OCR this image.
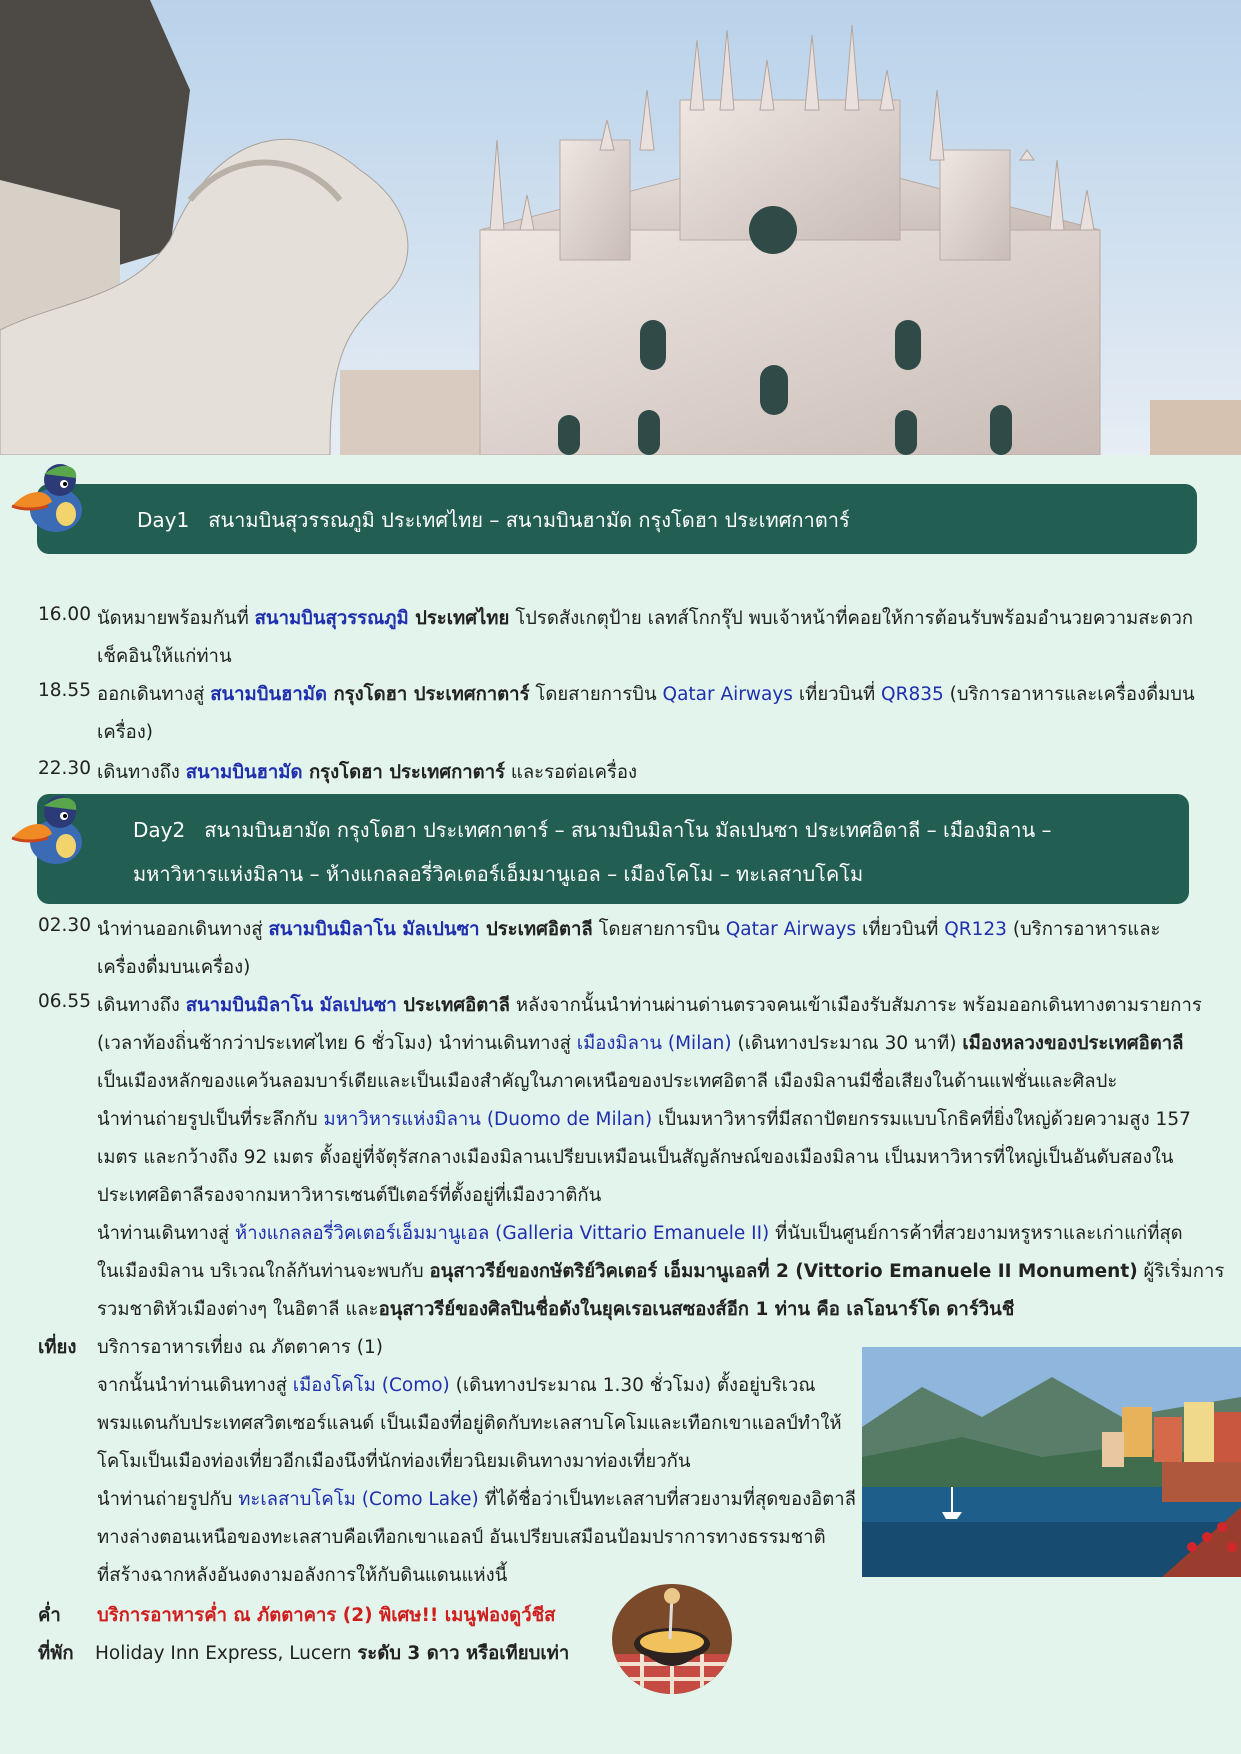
Day1 สนามบินสุวรรณภูมิ ประเทศไทย – สนามบินฮามัด กรุงโดฮา ประเทศกาตาร์
16.00 นัดหมายพร้อมกันที่ สนามบินสุวรรณภูมิ ประเทศไทย โปรดสังเกตุป้าย เลทส์โกกรุ๊ป พบเจ้าหน้าที่คอยให้การต้อนรับพร้อมอำนวยความสะดวก
เช็คอินให้แก่ท่าน
18.55 ออกเดินทางสู่ สนามบินฮามัด กรุงโดฮา ประเทศกาตาร์ โดยสายการบิน Qatar Airways เที่ยวบินที่ QR835 (บริการอาหารและเครื่องดื่มบน
เครื่อง)
22.30 เดินทางถึง สนามบินฮามัด กรุงโดฮา ประเทศกาตาร์ และรอต่อเครื่อง
Day2 สนามบินฮามัด กรุงโดฮา ประเทศกาตาร์ – สนามบินมิลาโน มัลเปนซา ประเทศอิตาลี – เมืองมิลาน –
มหาวิหารแห่งมิลาน – ห้างแกลลอรี่วิคเตอร์เอ็มมานูเอล – เมืองโคโม – ทะเลสาบโคโม
02.30 นำท่านออกเดินทางสู่ สนามบินมิลาโน มัลเปนซา ประเทศอิตาลี โดยสายการบิน Qatar Airways เที่ยวบินที่ QR123 (บริการอาหารและ
เครื่องดื่มบนเครื่อง)
06.55 เดินทางถึง สนามบินมิลาโน มัลเปนซา ประเทศอิตาลี หลังจากนั้นนำท่านผ่านด่านตรวจคนเข้าเมืองรับสัมภาระ พร้อมออกเดินทางตามรายการ
(เวลาท้องถิ่นช้ากว่าประเทศไทย 6 ชั่วโมง) นำท่านเดินทางสู่ เมืองมิลาน (Milan) (เดินทางประมาณ 30 นาที) เมืองหลวงของประเทศอิตาลี
เป็นเมืองหลักของแคว้นลอมบาร์เดียและเป็นเมืองสำคัญในภาคเหนือของประเทศอิตาลี เมืองมิลานมีชื่อเสียงในด้านแฟชั่นและศิลปะ
นำท่านถ่ายรูปเป็นที่ระลึกกับ มหาวิหารแห่งมิลาน (Duomo de Milan) เป็นมหาวิหารที่มีสถาปัตยกรรมแบบโกธิคที่ยิ่งใหญ่ด้วยความสูง 157
เมตร และกว้างถึง 92 เมตร ตั้งอยู่ที่จัตุรัสกลางเมืองมิลานเปรียบเหมือนเป็นสัญลักษณ์ของเมืองมิลาน เป็นมหาวิหารที่ใหญ่เป็นอันดับสองใน
ประเทศอิตาลีรองจากมหาวิหารเซนต์ปีเตอร์ที่ตั้งอยู่ที่เมืองวาติกัน
นำท่านเดินทางสู่ ห้างแกลลอรี่วิคเตอร์เอ็มมานูเอล (Galleria Vittario Emanuele II) ที่นับเป็นศูนย์การค้าที่สวยงามหรูหราและเก่าแก่ที่สุด
ในเมืองมิลาน บริเวณใกล้กันท่านจะพบกับ อนุสาวรีย์ของกษัตริย์วิคเตอร์ เอ็มมานูเอลที่ 2 (Vittorio Emanuele II Monument) ผู้ริเริ่มการ
รวมชาติหัวเมืองต่างๆ ในอิตาลี และอนุสาวรีย์ของศิลปินชื่อดังในยุคเรอเนสซองส์อีก 1 ท่าน คือ เลโอนาร์โด ดาร์วินชี
เที่ยง บริการอาหารเที่ยง ณ ภัตตาคาร (1)
จากนั้นนำท่านเดินทางสู่ เมืองโคโม (Como) (เดินทางประมาณ 1.30 ชั่วโมง) ตั้งอยู่บริเวณ
พรมแดนกับประเทศสวิตเซอร์แลนด์ เป็นเมืองที่อยู่ติดกับทะเลสาบโคโมและเทือกเขาแอลป์ทำให้
โคโมเป็นเมืองท่องเที่ยวอีกเมืองนึงที่นักท่องเที่ยวนิยมเดินทางมาท่องเที่ยวกัน
นำท่านถ่ายรูปกับ ทะเลสาบโคโม (Como Lake) ที่ได้ชื่อว่าเป็นทะเลสาบที่สวยงามที่สุดของอิตาลี
ทางล่างตอนเหนือของทะเลสาบคือเทือกเขาแอลป์ อันเปรียบเสมือนป้อมปราการทางธรรมชาติ
ที่สร้างฉากหลังอันงดงามอลังการให้กับดินแดนแห่งนี้
ค่ำ บริการอาหารค่ำ ณ ภัตตาคาร (2) พิเศษ!! เมนูฟองดูว์ชีส
ที่พัก Holiday Inn Express, Lucern ระดับ 3 ดาว หรือเทียบเท่า
